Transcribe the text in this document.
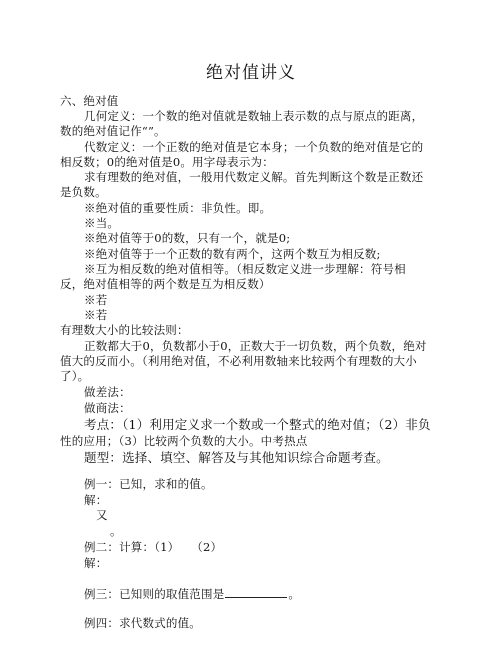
绝对值讲义
六、绝对值
几何定义：一个数的绝对值就是数轴上表示数的点与原点的距离，
数的绝对值记作“”。
代数定义：一个正数的绝对值是它本身；一个负数的绝对值是它的
相反数；0的绝对值是0。用字母表示为：
求有理数的绝对值，一般用代数定义解。首先判断这个数是正数还
是负数。
※绝对值的重要性质：非负性。即。
※当。
※绝对值等于0的数，只有一个，就是0;
※绝对值等于一个正数的数有两个，这两个数互为相反数;
※互为相反数的绝对值相等。（相反数定义进一步理解：符号相
反，绝对值相等的两个数是互为相反数）
※若
※若
有理数大小的比较法则：
正数都大于0，负数都小于0，正数大于一切负数，两个负数，绝对
值大的反而小。（利用绝对值，不必利用数轴来比较两个有理数的大小
了）。
做差法：
做商法：
考点：（1）利用定义求一个数或一个整式的绝对值；（2）非负
性的应用；（3）比较两个负数的大小。中考热点
题型：选择、填空、解答及与其他知识综合命题考查。
例一：已知，求和的值。
解：
又
。
例二：计算：（1）　　（2）
解：
例三：已知则的取值范围是	。
例四：求代数式的值。
